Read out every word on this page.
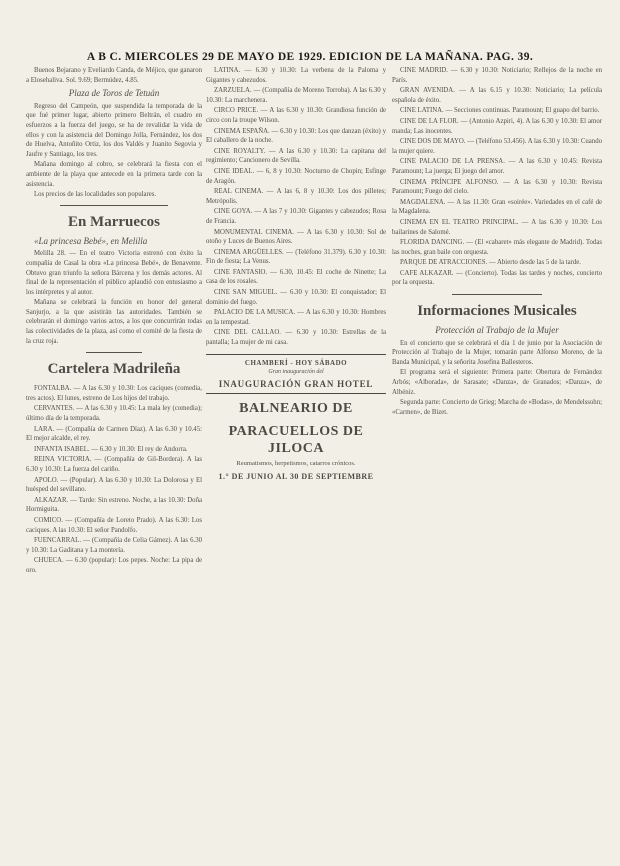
A B C. MIERCOLES 29 DE MAYO DE 1929. EDICION DE LA MAÑANA. PAG. 39.

Buenos Bejarano y Eveliardo Canda, de Méjico, que ganaron a Elosehaliva. Sol. 9.69; Bermúdez, 4.85.

Plaza de Toros de Tetuán

Regreso del Campeón, que suspendida la temporada de la que fué primer lugar, abierto primero Beltrán, el cuadro en esfuerzos a la fuerza del juego, se ha de revalidar la vida de ellos y con la asistencia del Domingo Jolla, Fernández, los dos de Huelva, Antoñito Ortiz, los dos Valdés y Juanito Segovia y Jaufre y Santiago, los tres.

Mañana domingo al cobro, se celebrará la fiesta con el ambiente de la playa que antecede en la primera tarde con la asistencia.

Los precios de las localidades son populares.

En Marruecos
«La princesa Bebé», en Melilla

Melilla 28. — En el teatro Victoria estrenó con éxito la compañía de Casal la obra «La princesa Bebé», de Benavente. Obtuvo gran triunfo la señora Bárcena y los demás actores. Al final de la representación el público aplaudió con entusiasmo a los intérpretes y al autor.

Mañana se celebrará la función en honor del general Sanjurjo, a la que asistirán las autoridades. También se celebrarán el domingo varios actos, a los que concurrirán todas las colectividades de la plaza, así como el comité de la fiesta de la cruz roja.

Cartelera Madrileña

FONTALBA. — A las 6.30 y 10.30: Los caciques (comedia, tres actos). El lunes, estreno de Los hijos del trabajo.

CERVANTES. — A las 6.30 y 10.45: La mala ley (comedia); último día de la temporada.

LARA. — (Compañía de Carmen Díaz). A las 6.30 y 10.45: El mejor alcalde, el rey.

INFANTA ISABEL. — 6.30 y 10.30: El rey de Andorra.

REINA VICTORIA. — (Compañía de Gil-Bordera). A las 6.30 y 10.30: La fuerza del cariño.

APOLO. — (Popular). A las 6.30 y 10.30: La Dolorosa y El huésped del sevillano.

ALKAZAR. — Tarde: Sin estreno. Noche, a las 10.30: Doña Hormiguita.

COMICO. — (Compañía de Loreto Prado). A las 6.30: Los caciques. A las 10.30: El señor Pandolfo.

FUENCARRAL. — (Compañía de Celia Gámez). A las 6.30 y 10.30: La Gaditana y La montería.

CHUECA. — 6.30 (popular): Los pepes. Noche: La pipa de oro.

LATINA. — 6.30 y 10.30: La verbena de la Paloma y Gigantes y cabezudos.

ZARZUELA. — (Compañía de Moreno Torroba). A las 6.30 y 10.30: La marchenera.

CIRCO PRICE. — A las 6.30 y 10.30: Grandiosa función de circo con la troupe Wilson.

CINEMA ESPAÑA. — 6.30 y 10.30: Los que danzan (éxito) y El caballero de la noche.

CINE ROYALTY. — A las 6.30 y 10.30: La capitana del regimiento; Cancionero de Sevilla.

CINE IDEAL. — 6, 8 y 10.30: Nocturno de Chopin; Esfinge de Aragón.

REAL CINEMA. — A las 6, 8 y 10.30: Los dos pilletes; Metrópolis.

CINE GOYA. — A las 7 y 10.30: Gigantes y cabezudos; Rosa de Francia.

MONUMENTAL CINEMA. — A las 6.30 y 10.30: Sol de otoño y Luces de Buenos Aires.

CINEMA ARGÜELLES. — (Teléfono 31.379). 6.30 y 10.30: Fin de fiesta; La Venus.

CINE FANTASIO. — 6.30, 10.45: El coche de Ninette; La casa de los rosales.

CINE SAN MIGUEL. — 6.30 y 10.30: El conquistador; El dominio del fuego.

PALACIO DE LA MUSICA. — A las 6.30 y 10.30: Hombres en la tempestad.

CINE DEL CALLAO. — 6.30 y 10.30: Estrellas de la pantalla; La mujer de mi casa.

CHAMBERÍ - HOY SÁBADO
Gran inauguración del
INAUGURACIÓN GRAN HOTEL
BALNEARIO DE
PARACUELLOS DE JILOCA
Reumatismos, herpetismos, catarros crónicos.
1.° DE JUNIO AL 30 DE SEPTIEMBRE

CINE MADRID. — 6.30 y 10.30: Noticiario; Reflejos de la noche en París.

GRAN AVENIDA. — A las 6.15 y 10.30: Noticiario; La película española de éxito.

CINE LATINA. — Secciones continuas. Paramount; El guapo del barrio.

CINE DE LA FLOR. — (Antonio Azpiri, 4). A las 6.30 y 10.30: El amor manda; Las inocentes.

CINE DOS DE MAYO. — (Teléfono 53.456). A las 6.30 y 10.30: Cuando la mujer quiere.

CINE PALACIO DE LA PRENSA. — A las 6.30 y 10.45: Revista Paramount; La juerga; El juego del amor.

CINEMA PRÍNCIPE ALFONSO. — A las 6.30 y 10.30: Revista Paramount; Fuego del cielo.

MAGDALENA. — A las 11.30: Gran «soirée». Variedades en el café de la Magdalena.

CINEMA EN EL TEATRO PRINCIPAL. — A las 6.30 y 10.30: Los bailarines de Salomé.

FLORIDA DANCING. — (El «cabaret» más elegante de Madrid). Todas las noches, gran baile con orquesta.

PARQUE DE ATRACCIONES. — Abierto desde las 5 de la tarde.

CAFE ALKAZAR. — (Concierto). Todas las tardes y noches, concierto por la orquesta.

Informaciones Musicales
Protección al Trabajo de la Mujer

En el concierto que se celebrará el día 1 de junio por la Asociación de Protección al Trabajo de la Mujer, tomarán parte Alfonso Moreno, de la Banda Municipal, y la señorita Josefina Ballesteros.

El programa será el siguiente: Primera parte: Obertura de Fernández Arbós; «Alborada», de Sarasate; «Danza», de Granados; «Danza», de Albéniz.

Segunda parte: Concierto de Grieg; Marcha de «Bodas», de Mendelssohn; «Carmen», de Bizet.
